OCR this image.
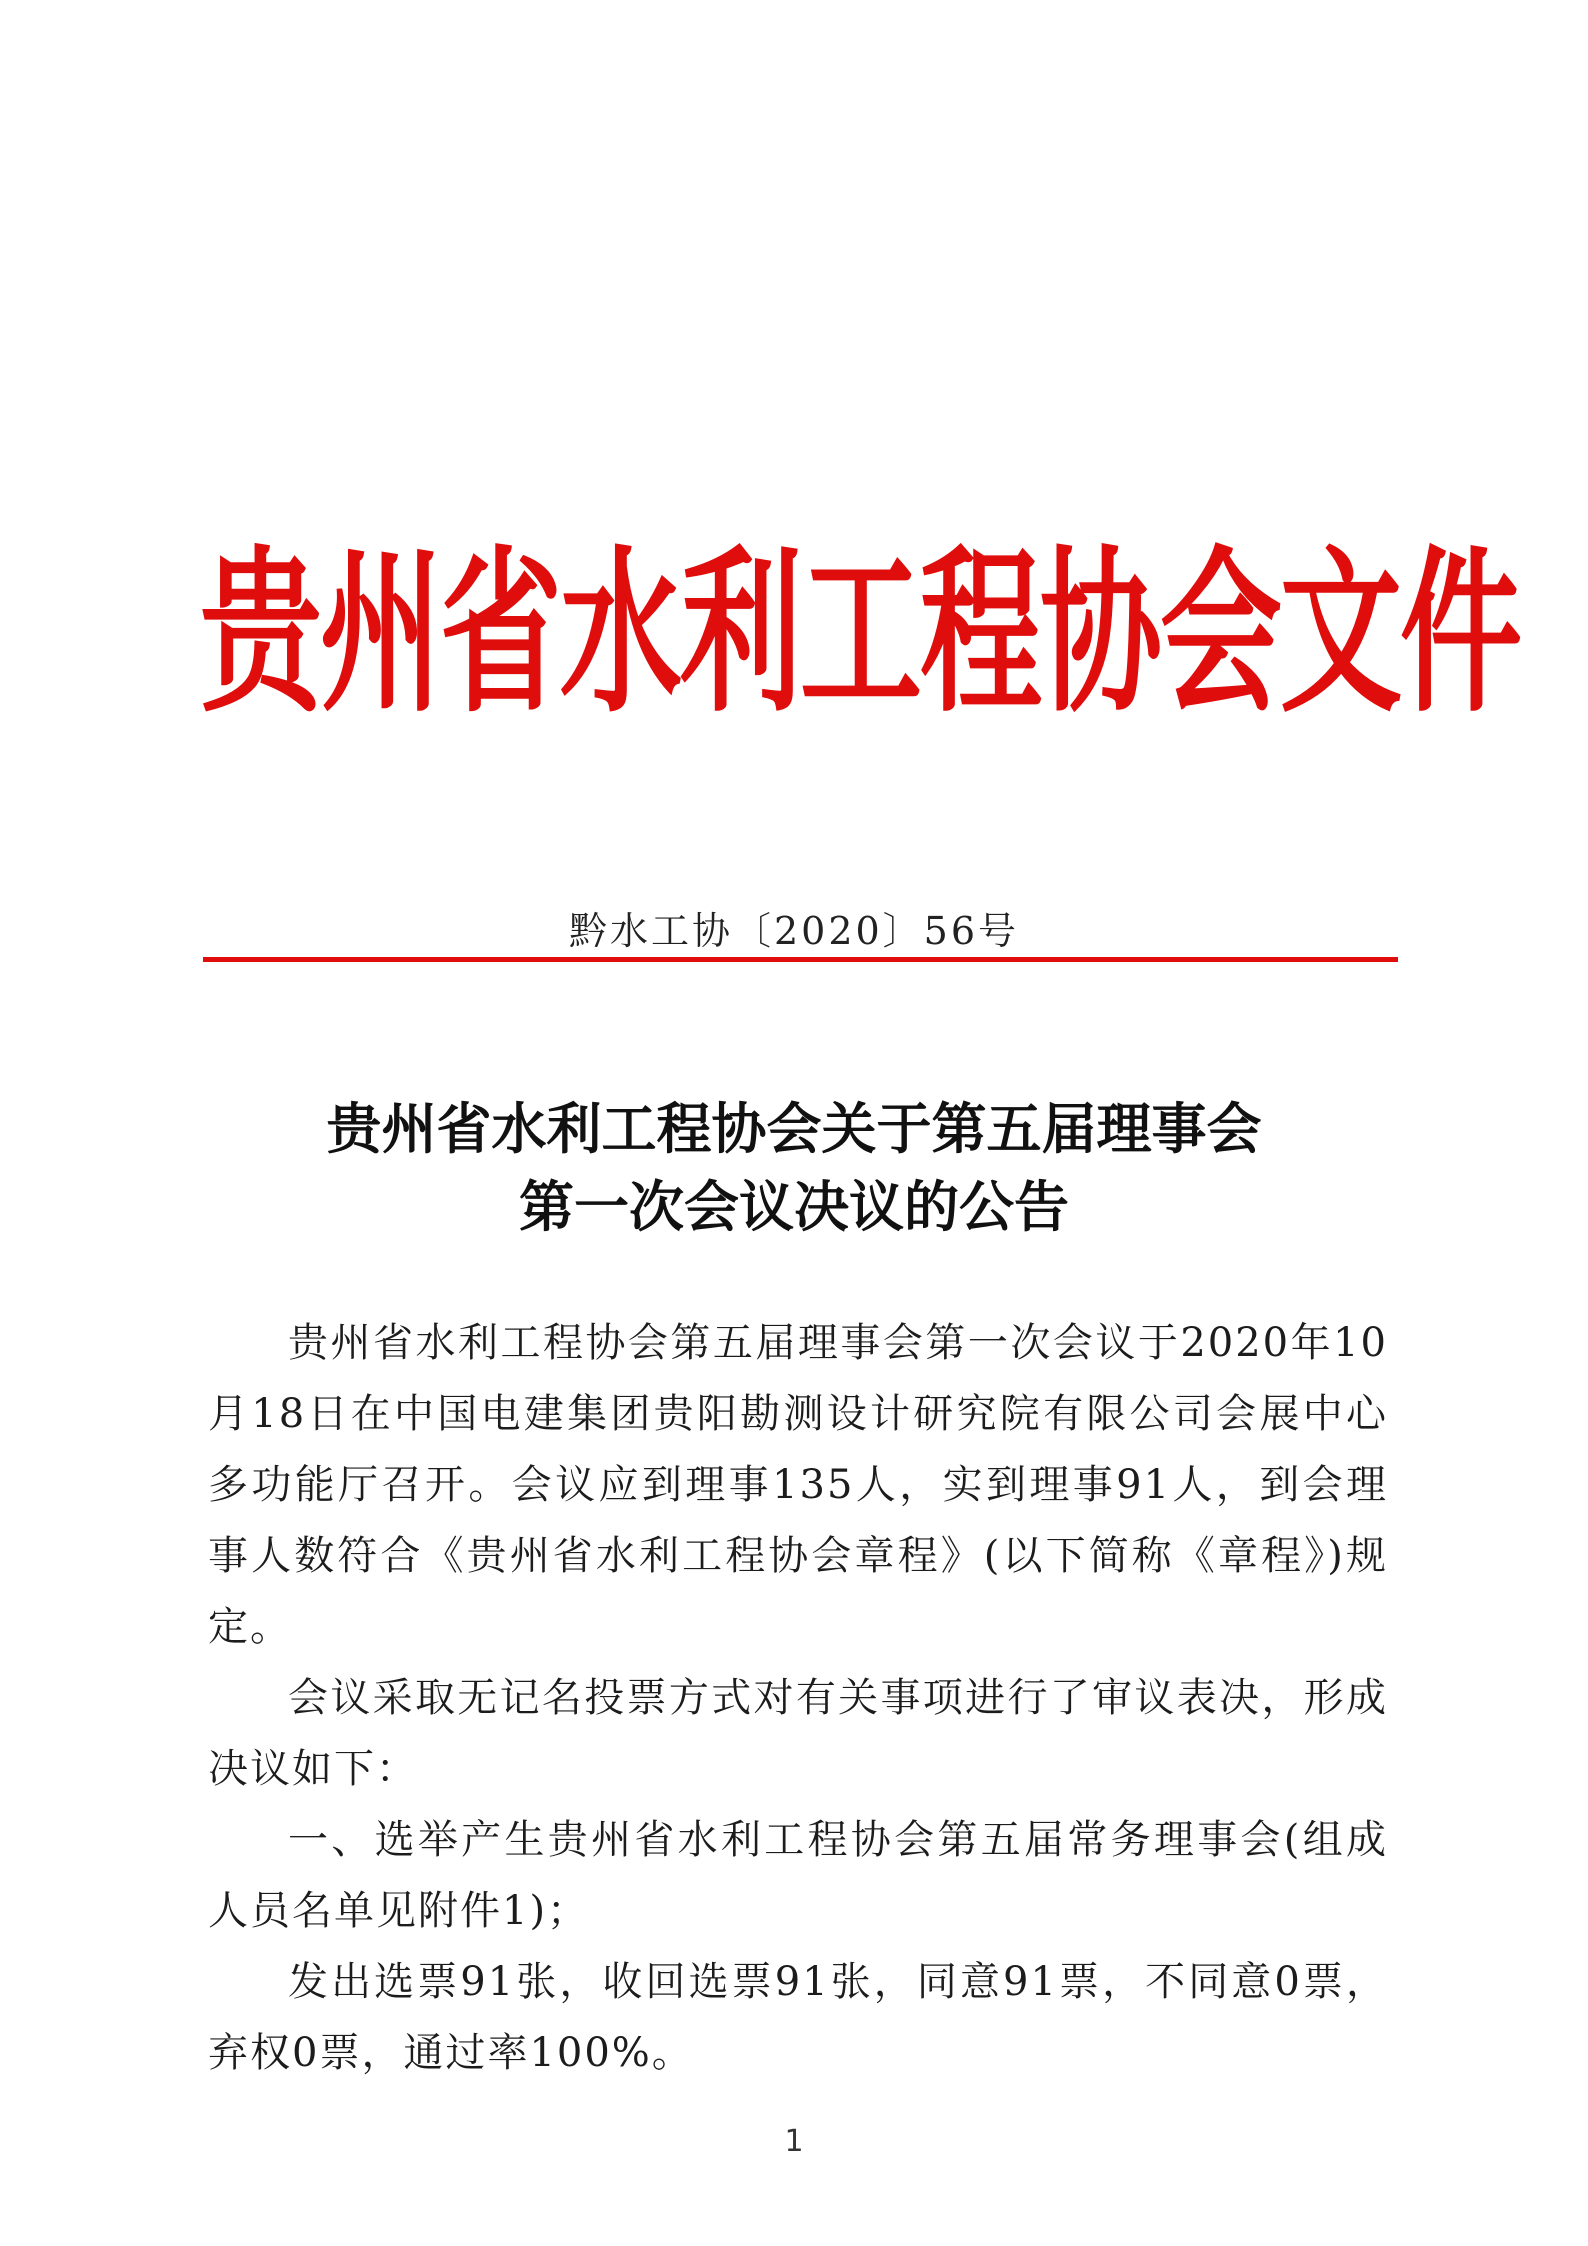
贵州省水利工程协会文件
黔水工协〔2020〕56号
贵州省水利工程协会关于第五届理事会
第一次会议决议的公告

贵州省水利工程协会第五届理事会第一次会议于2020年10月18日在中国电建集团贵阳勘测设计研究院有限公司会展中心多功能厅召开。会议应到理事135人，实到理事91人，到会理事人数符合《贵州省水利工程协会章程》(以下简称《章程》)规定。

会议采取无记名投票方式对有关事项进行了审议表决，形成决议如下：

一、选举产生贵州省水利工程协会第五届常务理事会(组成人员名单见附件1)；

发出选票91张，收回选票91张，同意91票，不同意0票，弃权0票，通过率100%。

1
